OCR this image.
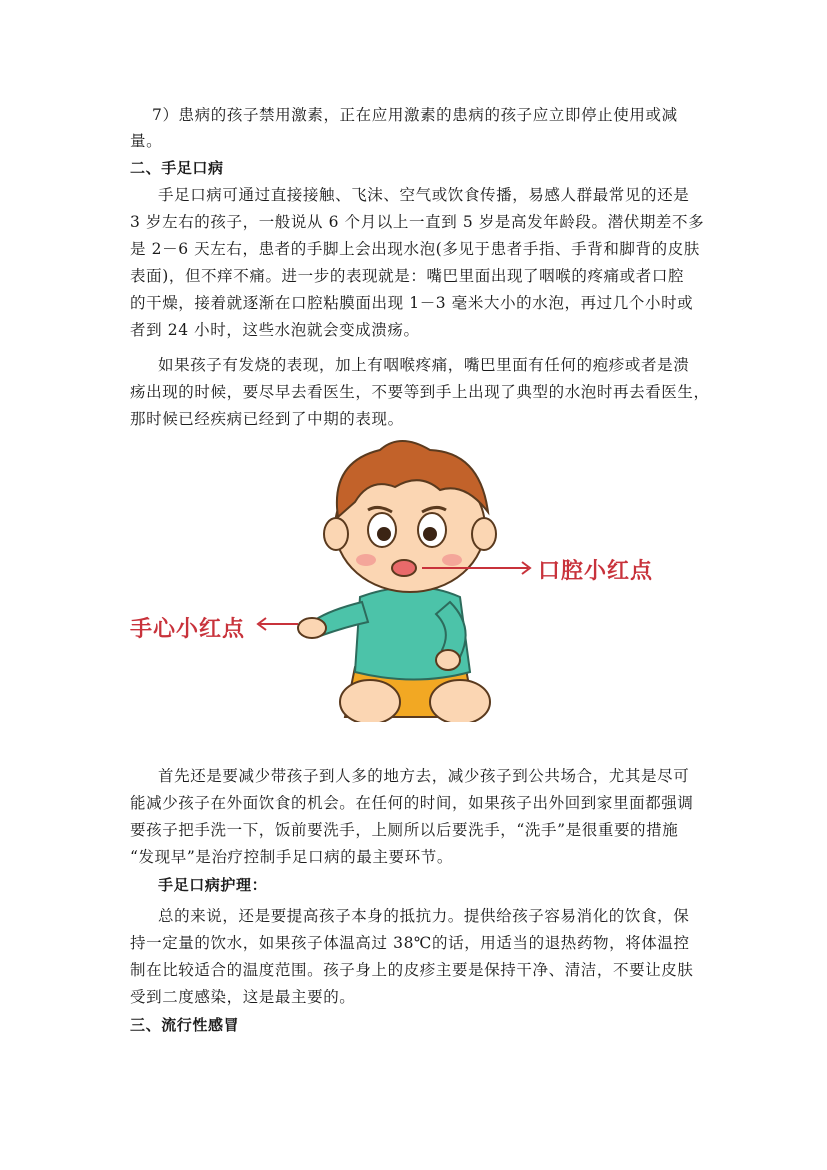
7）患病的孩子禁用激素，正在应用激素的患病的孩子应立即停止使用或减
量。
二、手足口病
手足口病可通过直接接触、飞沫、空气或饮食传播，易感人群最常见的还是
3 岁左右的孩子，一般说从 6 个月以上一直到 5 岁是高发年龄段。潜伏期差不多
是 2－6 天左右，患者的手脚上会出现水泡(多见于患者手指、手背和脚背的皮肤
表面)，但不痒不痛。进一步的表现就是：嘴巴里面出现了咽喉的疼痛或者口腔
的干燥，接着就逐渐在口腔粘膜面出现 1－3 毫米大小的水泡，再过几个小时或
者到 24 小时，这些水泡就会变成溃疡。
如果孩子有发烧的表现，加上有咽喉疼痛，嘴巴里面有任何的疱疹或者是溃
疡出现的时候，要尽早去看医生，不要等到手上出现了典型的水泡时再去看医生，
那时候已经疾病已经到了中期的表现。
口腔小红点
手心小红点
首先还是要减少带孩子到人多的地方去，减少孩子到公共场合，尤其是尽可
能减少孩子在外面饮食的机会。在任何的时间，如果孩子出外回到家里面都强调
要孩子把手洗一下，饭前要洗手，上厕所以后要洗手，“洗手”是很重要的措施
“发现早”是治疗控制手足口病的最主要环节。
手足口病护理：
总的来说，还是要提高孩子本身的抵抗力。提供给孩子容易消化的饮食，保
持一定量的饮水，如果孩子体温高过 38℃的话，用适当的退热药物，将体温控
制在比较适合的温度范围。孩子身上的皮疹主要是保持干净、清洁，不要让皮肤
受到二度感染，这是最主要的。
三、流行性感冒
